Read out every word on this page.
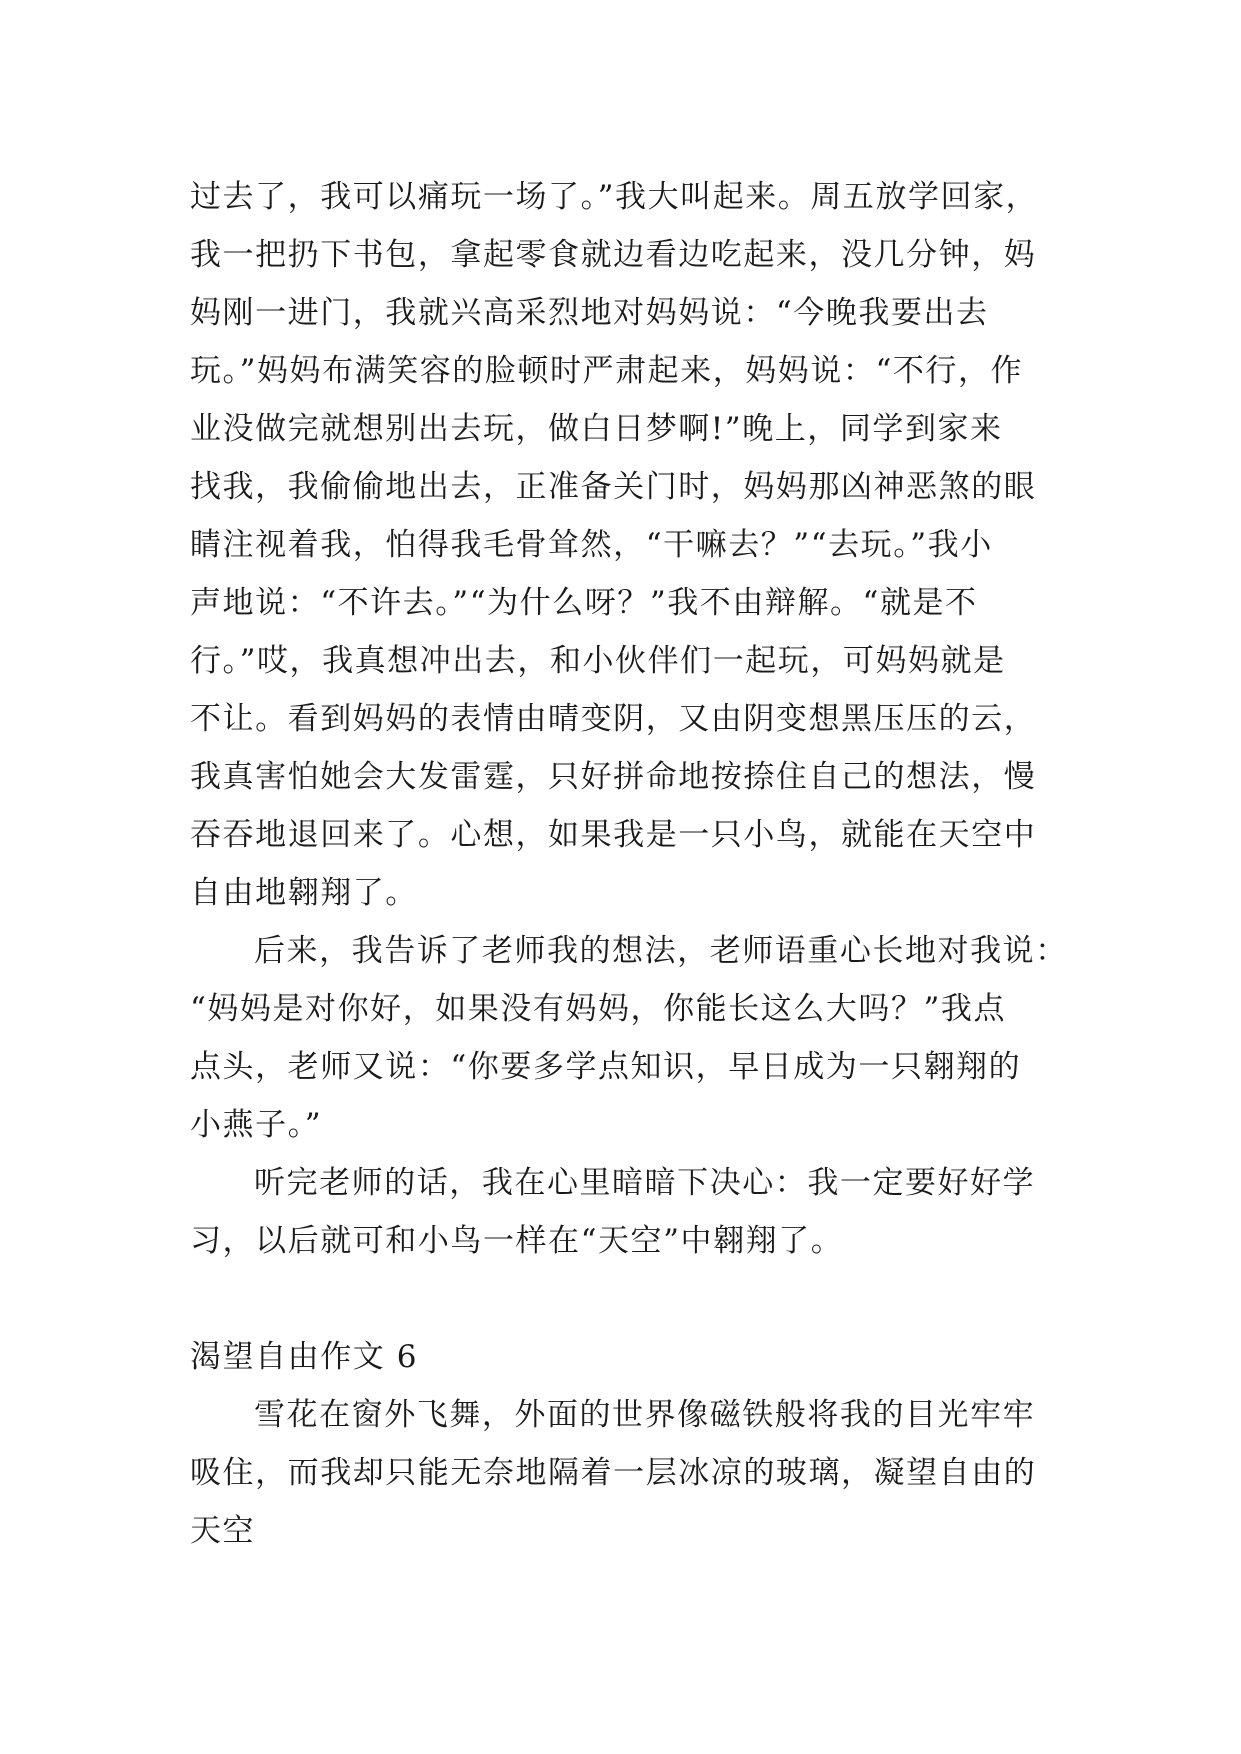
过去了，我可以痛玩一场了。”我大叫起来。周五放学回家，
我一把扔下书包，拿起零食就边看边吃起来，没几分钟，妈
妈刚一进门，我就兴高采烈地对妈妈说：“今晚我要出去
玩。”妈妈布满笑容的脸顿时严肃起来，妈妈说：“不行，作
业没做完就想别出去玩，做白日梦啊!”晚上，同学到家来
找我，我偷偷地出去，正准备关门时，妈妈那凶神恶煞的眼
睛注视着我，怕得我毛骨耸然，“干嘛去？”“去玩。”我小
声地说：“不许去。”“为什么呀？”我不由辩解。“就是不
行。”哎，我真想冲出去，和小伙伴们一起玩，可妈妈就是
不让。看到妈妈的表情由晴变阴，又由阴变想黑压压的云，
我真害怕她会大发雷霆，只好拼命地按捺住自己的想法，慢
吞吞地退回来了。心想，如果我是一只小鸟，就能在天空中
自由地翱翔了。
后来，我告诉了老师我的想法，老师语重心长地对我说：
“妈妈是对你好，如果没有妈妈，你能长这么大吗？”我点
点头，老师又说：“你要多学点知识，早日成为一只翱翔的
小燕子。”
听完老师的话，我在心里暗暗下决心：我一定要好好学
习，以后就可和小鸟一样在“天空”中翱翔了。
渴望自由作文 6
雪花在窗外飞舞，外面的世界像磁铁般将我的目光牢牢
吸住，而我却只能无奈地隔着一层冰凉的玻璃，凝望自由的
天空
